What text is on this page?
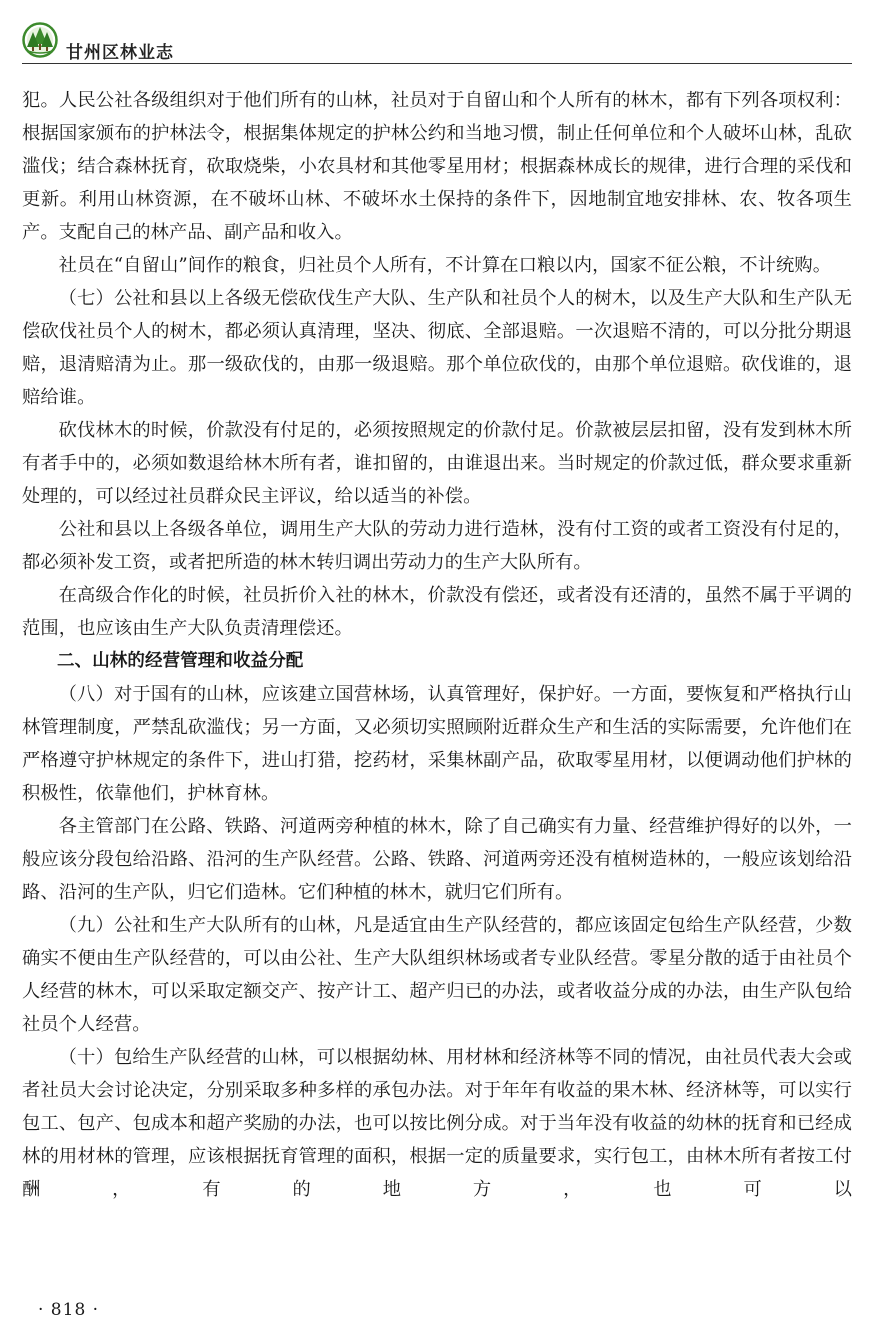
甘州区林业志

犯。人民公社各级组织对于他们所有的山林，社员对于自留山和个人所有的林木，都有下列各项权利：根据国家颁布的护林法令，根据集体规定的护林公约和当地习惯，制止任何单位和个人破坏山林，乱砍滥伐；结合森林抚育，砍取烧柴，小农具材和其他零星用材；根据森林成长的规律，进行合理的采伐和更新。利用山林资源，在不破坏山林、不破坏水土保持的条件下，因地制宜地安排林、农、牧各项生产。支配自己的林产品、副产品和收入。

社员在“自留山”间作的粮食，归社员个人所有，不计算在口粮以内，国家不征公粮，不计统购。

（七）公社和县以上各级无偿砍伐生产大队、生产队和社员个人的树木，以及生产大队和生产队无偿砍伐社员个人的树木，都必须认真清理，坚决、彻底、全部退赔。一次退赔不清的，可以分批分期退赔，退清赔清为止。那一级砍伐的，由那一级退赔。那个单位砍伐的，由那个单位退赔。砍伐谁的，退赔给谁。

砍伐林木的时候，价款没有付足的，必须按照规定的价款付足。价款被层层扣留，没有发到林木所有者手中的，必须如数退给林木所有者，谁扣留的，由谁退出来。当时规定的价款过低，群众要求重新处理的，可以经过社员群众民主评议，给以适当的补偿。

公社和县以上各级各单位，调用生产大队的劳动力进行造林，没有付工资的或者工资没有付足的，都必须补发工资，或者把所造的林木转归调出劳动力的生产大队所有。

在高级合作化的时候，社员折价入社的林木，价款没有偿还，或者没有还清的，虽然不属于平调的范围，也应该由生产大队负责清理偿还。

二、山林的经营管理和收益分配

（八）对于国有的山林，应该建立国营林场，认真管理好，保护好。一方面，要恢复和严格执行山林管理制度，严禁乱砍滥伐；另一方面，又必须切实照顾附近群众生产和生活的实际需要，允许他们在严格遵守护林规定的条件下，进山打猎，挖药材，采集林副产品，砍取零星用材，以便调动他们护林的积极性，依靠他们，护林育林。

各主管部门在公路、铁路、河道两旁种植的林木，除了自己确实有力量、经营维护得好的以外，一般应该分段包给沿路、沿河的生产队经营。公路、铁路、河道两旁还没有植树造林的，一般应该划给沿路、沿河的生产队，归它们造林。它们种植的林木，就归它们所有。

（九）公社和生产大队所有的山林，凡是适宜由生产队经营的，都应该固定包给生产队经营，少数确实不便由生产队经营的，可以由公社、生产大队组织林场或者专业队经营。零星分散的适于由社员个人经营的林木，可以采取定额交产、按产计工、超产归已的办法，或者收益分成的办法，由生产队包给社员个人经营。

（十）包给生产队经营的山林，可以根据幼林、用材林和经济林等不同的情况，由社员代表大会或者社员大会讨论决定，分别采取多种多样的承包办法。对于年年有收益的果木林、经济林等，可以实行包工、包产、包成本和超产奖励的办法，也可以按比例分成。对于当年没有收益的幼林的抚育和已经成林的用材林的管理，应该根据抚育管理的面积，根据一定的质量要求，实行包工，由林木所有者按工付酬，有的地方，也可以

· 818 ·
